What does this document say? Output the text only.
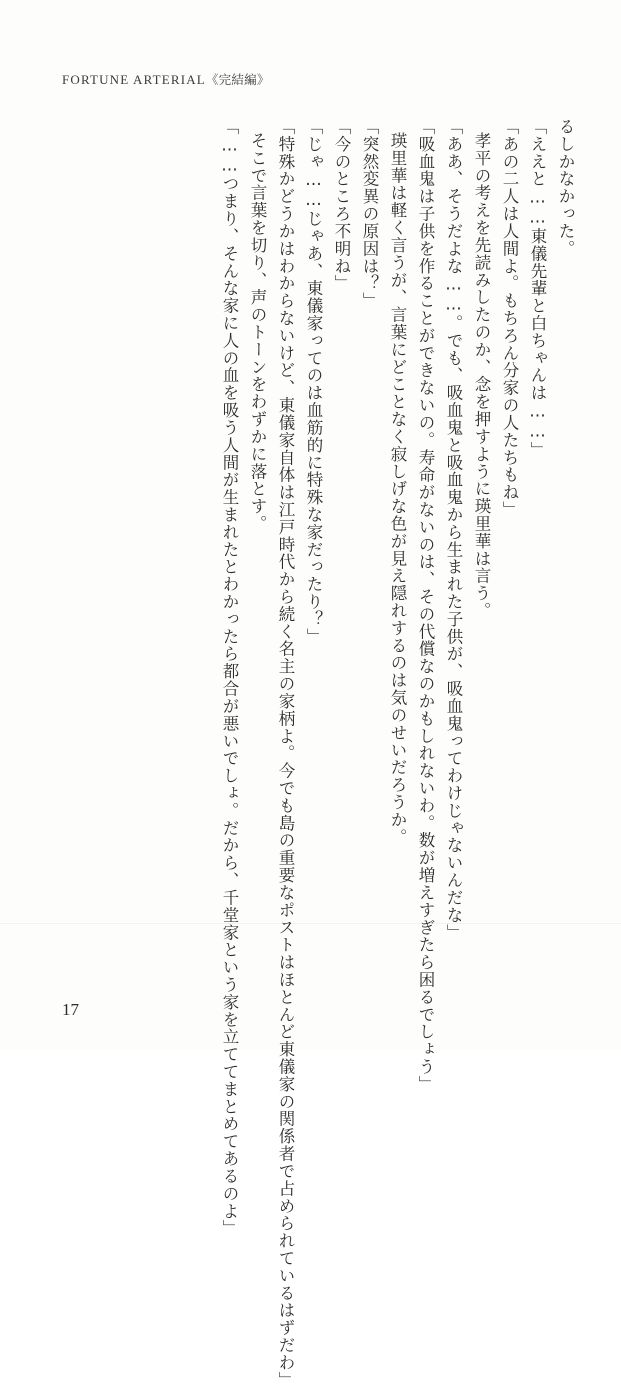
FORTUNE ARTERIAL《完結編》
るしかなかった。
「ええと……東儀先輩と白ちゃんは……」
「あの二人は人間よ。もちろん分家の人たちもね」
孝平の考えを先読みしたのか、念を押すように瑛里華は言う。
「ああ、そうだよな……。でも、吸血鬼と吸血鬼から生まれた子供が、吸血鬼ってわけじゃないんだな」
「吸血鬼は子供を作ることができないの。寿命がないのは、その代償なのかもしれないわ。数が増えすぎたら困るでしょう」
瑛里華は軽く言うが、言葉にどことなく寂しげな色が見え隠れするのは気のせいだろうか。
「突然変異の原因は？」
「今のところ不明ね」
「じゃ……じゃあ、東儀家ってのは血筋的に特殊な家だったり？」
「特殊かどうかはわからないけど、東儀家自体は江戸時代から続く名主の家柄よ。今でも島の重要なポストはほとんど東儀家の関係者で占められているはずだわ」
そこで言葉を切り、声のトーンをわずかに落とす。
「……つまり、そんな家に人の血を吸う人間が生まれたとわかったら都合が悪いでしょ。だから、千堂家という家を立ててまとめてあるのよ」
17
